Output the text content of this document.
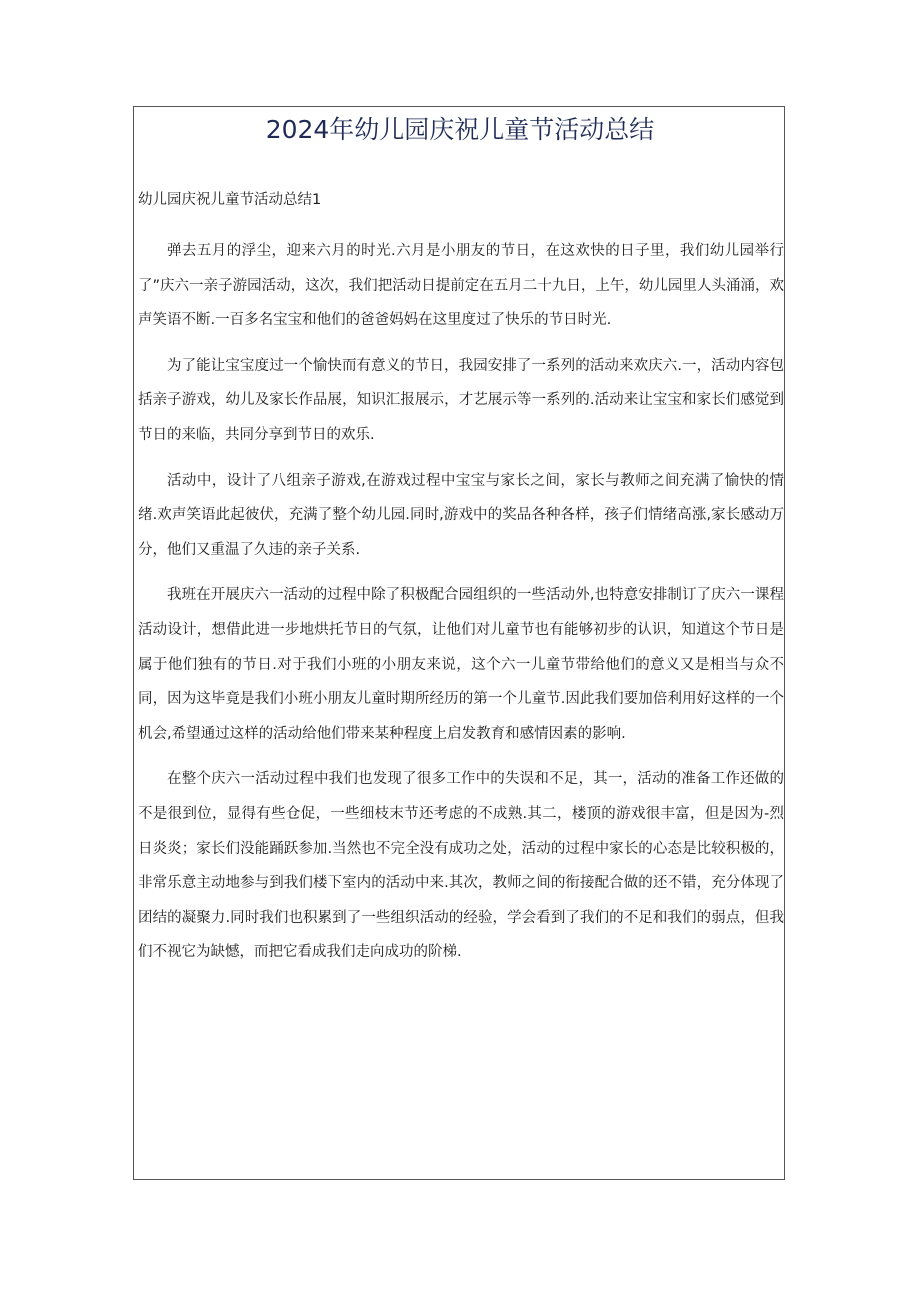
2024年幼儿园庆祝儿童节活动总结

幼儿园庆祝儿童节活动总结1

弹去五月的浮尘，迎来六月的时光.六月是小朋友的节日，在这欢快的日子里，我们幼儿园举行了”庆六一亲子游园活动，这次，我们把活动日提前定在五月二十九日，上午，幼儿园里人头涌涌，欢声笑语不断.一百多名宝宝和他们的爸爸妈妈在这里度过了快乐的节日时光.

为了能让宝宝度过一个愉快而有意义的节日，我园安排了一系列的活动来欢庆六.一，活动内容包括亲子游戏，幼儿及家长作品展，知识汇报展示，才艺展示等一系列的.活动来让宝宝和家长们感觉到节日的来临，共同分享到节日的欢乐.

活动中，设计了八组亲子游戏,在游戏过程中宝宝与家长之间，家长与教师之间充满了愉快的情绪.欢声笑语此起彼伏，充满了整个幼儿园.同时,游戏中的奖品各种各样，孩子们情绪高涨,家长感动万分，他们又重温了久违的亲子关系.

我班在开展庆六一活动的过程中除了积极配合园组织的一些活动外,也特意安排制订了庆六一课程活动设计，想借此进一步地烘托节日的气氛，让他们对儿童节也有能够初步的认识，知道这个节日是属于他们独有的节日.对于我们小班的小朋友来说，这个六一儿童节带给他们的意义又是相当与众不同，因为这毕竟是我们小班小朋友儿童时期所经历的第一个儿童节.因此我们要加倍利用好这样的一个机会,希望通过这样的活动给他们带来某种程度上启发教育和感情因素的影响.

在整个庆六一活动过程中我们也发现了很多工作中的失误和不足，其一，活动的准备工作还做的不是很到位，显得有些仓促，一些细枝末节还考虑的不成熟.其二，楼顶的游戏很丰富，但是因为-烈日炎炎；家长们没能踊跃参加.当然也不完全没有成功之处，活动的过程中家长的心态是比较积极的，非常乐意主动地参与到我们楼下室内的活动中来.其次，教师之间的衔接配合做的还不错，充分体现了团结的凝聚力.同时我们也积累到了一些组织活动的经验，学会看到了我们的不足和我们的弱点，但我们不视它为缺憾，而把它看成我们走向成功的阶梯.
